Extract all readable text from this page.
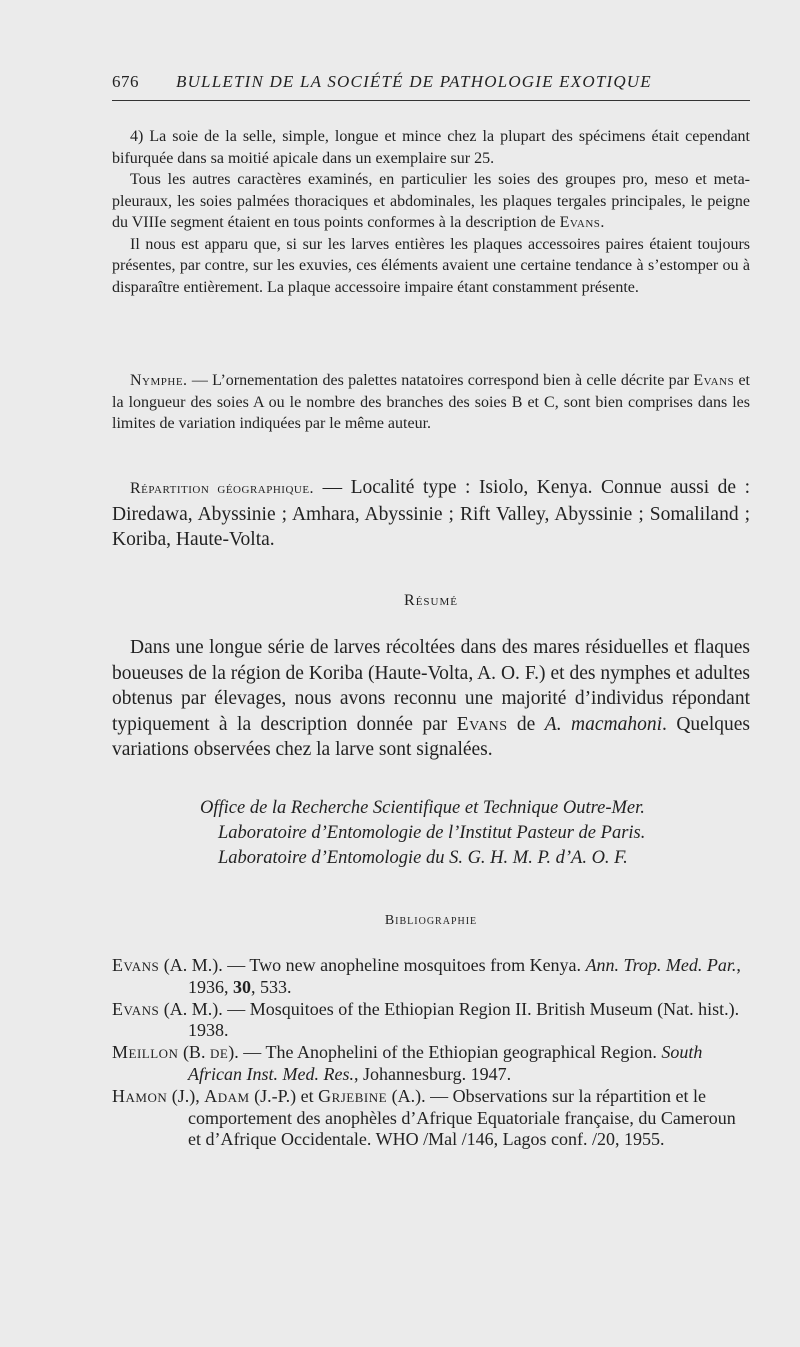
676	BULLETIN DE LA SOCIÉTÉ DE PATHOLOGIE EXOTIQUE

4) La soie de la selle, simple, longue et mince chez la plupart des spécimens était cependant bifurquée dans sa moitié apicale dans un exemplaire sur 25.

Tous les autres caractères examinés, en particulier les soies des groupes pro, meso et meta-pleuraux, les soies palmées thoraciques et abdominales, les plaques tergales principales, le peigne du VIIIe segment étaient en tous points conformes à la description de Evans.

Il nous est apparu que, si sur les larves entières les plaques accessoires paires étaient toujours présentes, par contre, sur les exuvies, ces éléments avaient une certaine tendance à s’estomper ou à disparaître entièrement. La plaque accessoire impaire étant constamment présente.

Nymphe. — L’ornementation des palettes natatoires correspond bien à celle décrite par Evans et la longueur des soies A ou le nombre des branches des soies B et C, sont bien comprises dans les limites de variation indiquées par le même auteur.

Répartition géographique. — Localité type : Isiolo, Kenya. Connue aussi de : Diredawa, Abyssinie ; Amhara, Abyssinie ; Rift Valley, Abyssinie ; Somaliland ; Koriba, Haute-Volta.

Résumé

Dans une longue série de larves récoltées dans des mares résiduelles et flaques boueuses de la région de Koriba (Haute-Volta, A. O. F.) et des nymphes et adultes obtenus par élevages, nous avons reconnu une majorité d’individus répondant typiquement à la description donnée par Evans de A. macmahoni. Quelques variations observées chez la larve sont signalées.

Office de la Recherche Scientifique et Technique Outre-Mer.
Laboratoire d’Entomologie de l’Institut Pasteur de Paris.
Laboratoire d’Entomologie du S. G. H. M. P. d’A. O. F.
Bibliographie

Evans (A. M.). — Two new anopheline mosquitoes from Kenya. Ann. Trop. Med. Par., 1936, 30, 533.

Evans (A. M.). — Mosquitoes of the Ethiopian Region II. British Museum (Nat. hist.). 1938.

Meillon (B. de). — The Anophelini of the Ethiopian geographical Region. South African Inst. Med. Res., Johannesburg. 1947.

Hamon (J.), Adam (J.-P.) et Grjebine (A.). — Observations sur la répartition et le comportement des anophèles d’Afrique Equatoriale française, du Cameroun et d’Afrique Occidentale. WHO /Mal /146, Lagos conf. /20, 1955.
